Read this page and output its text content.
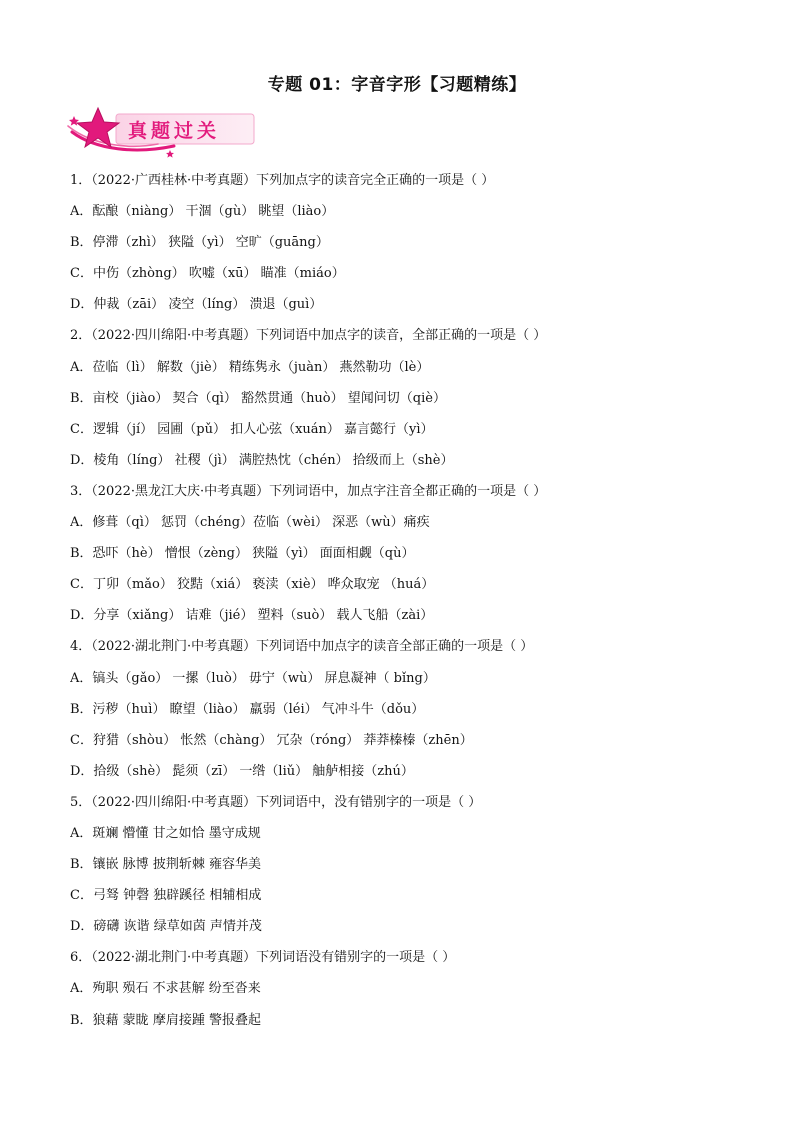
专题 01：字音字形【习题精练】
真题过关
1．（2022·广西桂林·中考真题）下列加点字的读音完全正确的一项是（ ）
A．酝酿（niàng） 干涸（gù） 眺望（liào）
B．停滞（zhì） 狭隘（yì） 空旷（guāng）
C．中伤（zhòng） 吹嘘（xū） 瞄准（miáo）
D．仲裁（zāi） 凌空（líng） 溃退（guì）
2．（2022·四川绵阳·中考真题）下列词语中加点字的读音，全部正确的一项是（ ）
A．莅临（lì） 解数（jiè） 精练隽永（juàn） 燕然勒功（lè）
B．亩校（jiào） 契合（qì） 豁然贯通（huò） 望闻问切（qiè）
C．逻辑（jí） 园圃（pǔ） 扣人心弦（xuán） 嘉言懿行（yì）
D．棱角（líng） 社稷（jì） 满腔热忱（chén） 拾级而上（shè）
3．（2022·黑龙江大庆·中考真题）下列词语中，加点字注音全都正确的一项是（ ）
A．修葺（qì） 惩罚（chéng）莅临（wèi） 深恶（wù）痛疾
B．恐吓（hè） 憎恨（zèng） 狭隘（yì） 面面相觑（qù）
C．丁卯（mǎo） 狡黠（xiá） 亵渎（xiè） 哗众取宠 （huá）
D．分享（xiǎng） 诘难（jié） 塑料（suò） 载人飞船（zài）
4．（2022·湖北荆门·中考真题）下列词语中加点字的读音全部正确的一项是（ ）
A．镐头（gǎo） 一摞（luò） 毋宁（wù） 屏息凝神（ bǐng）
B．污秽（huì） 瞭望（liào） 羸弱（léi） 气冲斗牛（dǒu）
C．狩猎（shòu） 怅然（chàng） 冗杂（róng） 莽莽榛榛（zhēn）
D．拾级（shè） 髭须（zī） 一绺（liǔ） 舳舻相接（zhú）
5．（2022·四川绵阳·中考真题）下列词语中，没有错别字的一项是（ ）
A．斑斓 懵懂 甘之如恰 墨守成规
B．镶嵌 脉博 披荆斩棘 雍容华美
C．弓驽 钟磬 独辟蹊径 相辅相成
D．磅礴 诙谐 绿草如茵 声情并茂
6．（2022·湖北荆门·中考真题）下列词语没有错别字的一项是（ ）
A．殉职 殒石 不求甚解 纷至沓来
B．狼藉 蒙眬 摩肩接踵 警报叠起
